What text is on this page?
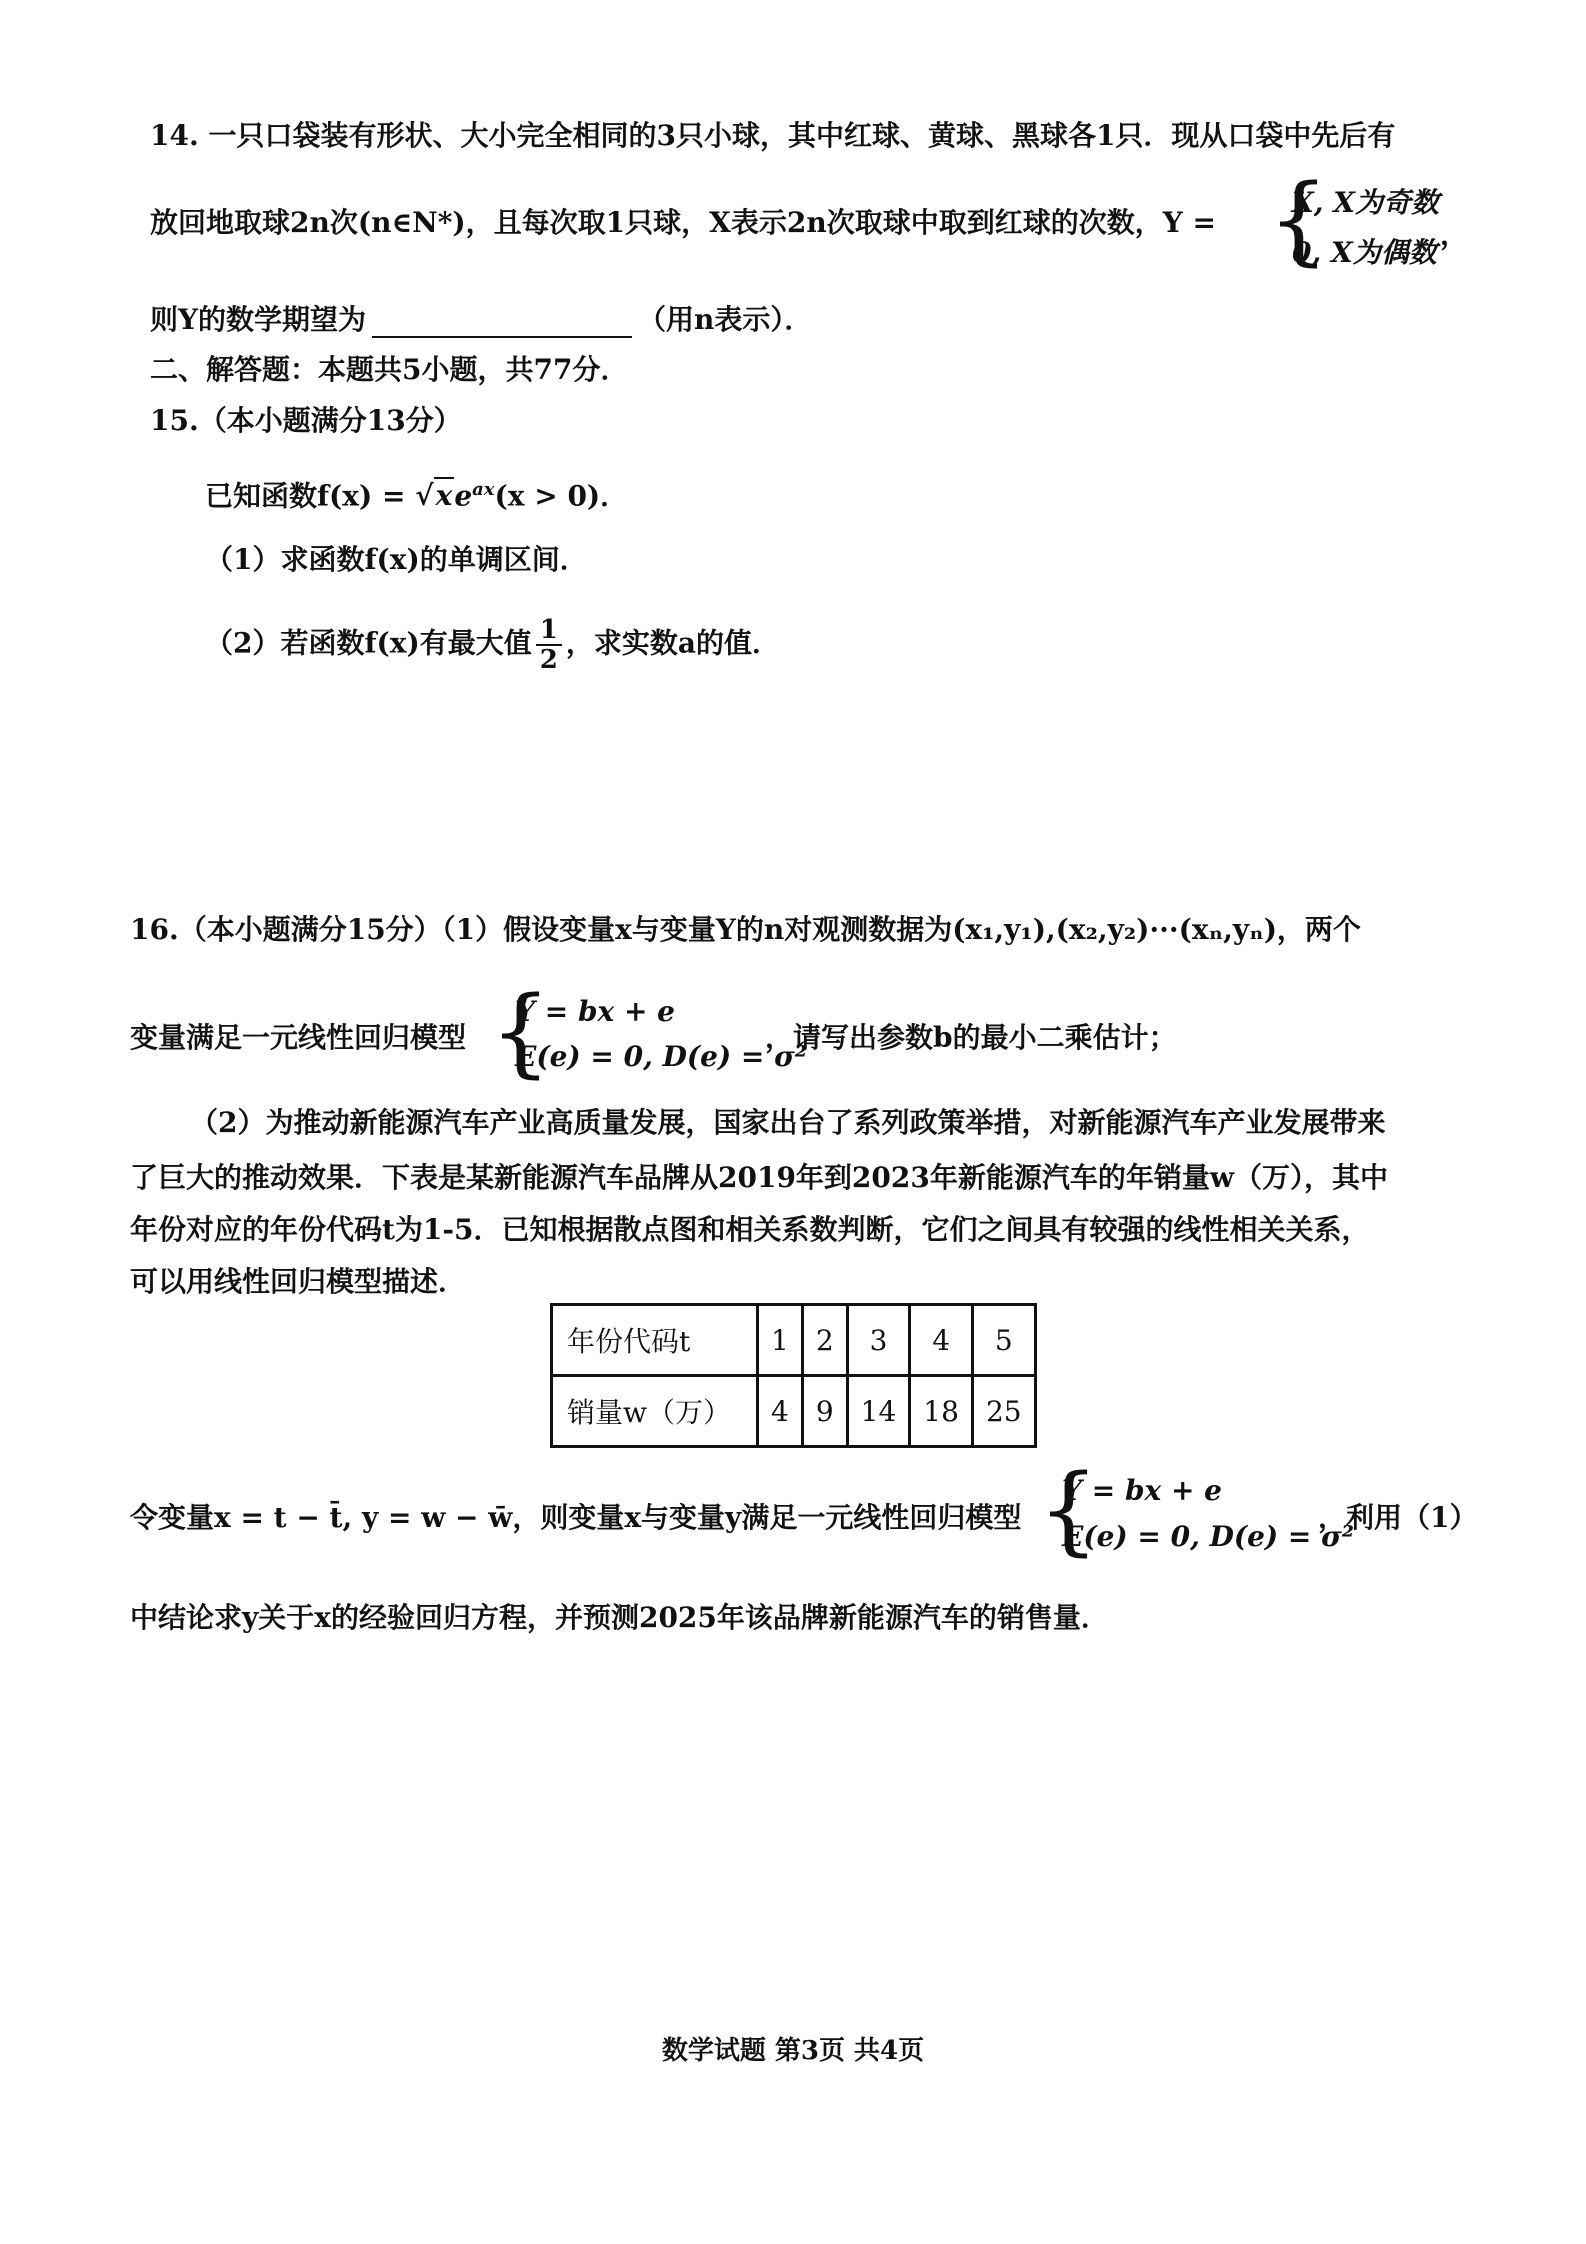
14. 一只口袋装有形状、大小完全相同的3只小球，其中红球、黄球、黑球各1只．现从口袋中先后有
放回地取球2n次(n∈N*)，且每次取1只球，X表示2n次取球中取到红球的次数，Y = {
X, X为奇数
0, X为偶数
，
则Y的数学期望为	（用n表示）．
二、解答题：本题共5小题，共77分．
15.（本小题满分13分）
已知函数$f(x) = √xe^{ax}(x > 0)$．
（1）求函数f(x)的单调区间．
（2）若函数f(x)有最大值 $\frac{1}{2}$ ，求实数a的值．
16.（本小题满分15分）（1）假设变量x与变量Y的n对观测数据为(x₁,y₁),(x₂,y₂)···(xₙ,yₙ)，两个
变量满足一元线性回归模型 {
Y = bx + e
E(e) = 0, D(e) = σ²
，请写出参数b的最小二乘估计；
（2）为推动新能源汽车产业高质量发展，国家出台了系列政策举措，对新能源汽车产业发展带来
了巨大的推动效果．下表是某新能源汽车品牌从2019年到2023年新能源汽车的年销量w（万），其中
年份对应的年份代码t为1-5．已知根据散点图和相关系数判断，它们之间具有较强的线性相关关系，
可以用线性回归模型描述．
年份代码t	1	2	3	4	5
销量w（万）	4	9	14	18	25
令变量x = t − t̄, y = w − w̄，则变量x与变量y满足一元线性回归模型 {
Y = bx + e
E(e) = 0, D(e) = σ²
，利用（1）
中结论求y关于x的经验回归方程，并预测2025年该品牌新能源汽车的销售量．
数学试题 第3页 共4页
